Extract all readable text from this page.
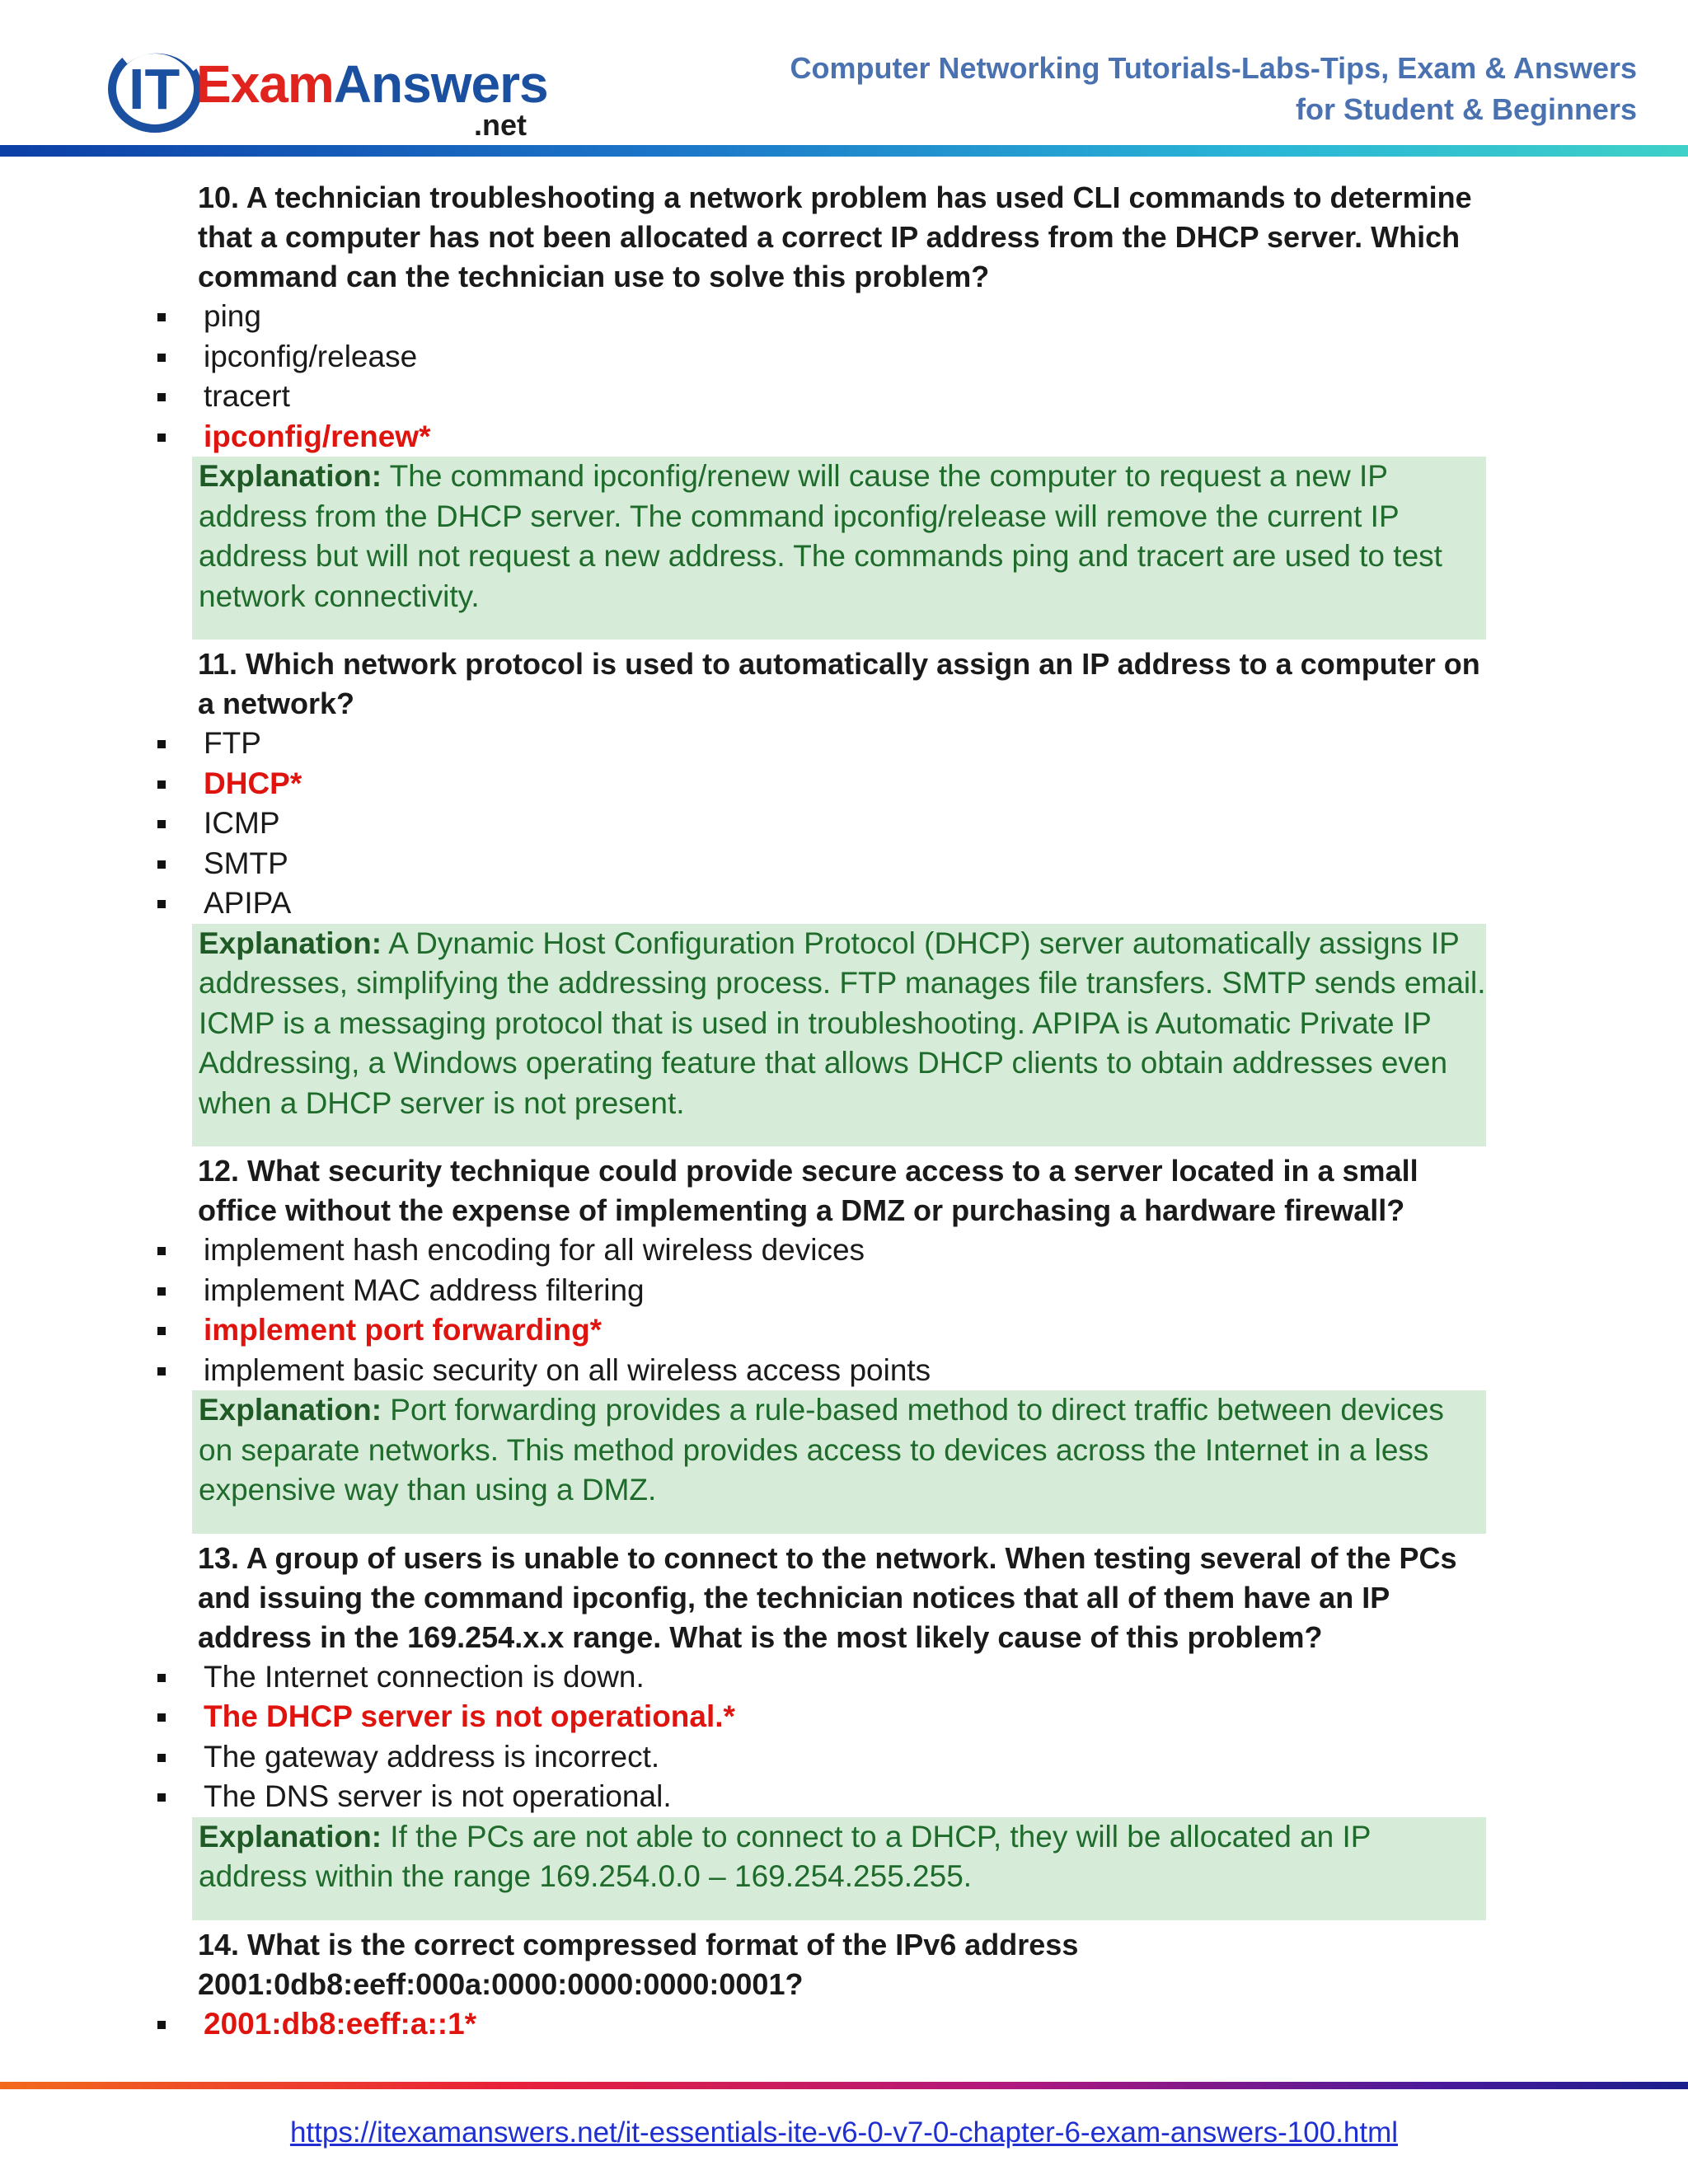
IT ExamAnswers
.net
Computer Networking Tutorials-Labs-Tips, Exam & Answers
for Student & Beginners
10. A technician troubleshooting a network problem has used CLI commands to determine that a computer has not been allocated a correct IP address from the DHCP server. Which command can the technician use to solve this problem?
ping
ipconfig/release
tracert
ipconfig/renew*
Explanation: The command ipconfig/renew will cause the computer to request a new IP address from the DHCP server. The command ipconfig/release will remove the current IP address but will not request a new address. The commands ping and tracert are used to test network connectivity.
11. Which network protocol is used to automatically assign an IP address to a computer on a network?
FTP
DHCP*
ICMP
SMTP
APIPA
Explanation: A Dynamic Host Configuration Protocol (DHCP) server automatically assigns IP addresses, simplifying the addressing process. FTP manages file transfers. SMTP sends email. ICMP is a messaging protocol that is used in troubleshooting. APIPA is Automatic Private IP Addressing, a Windows operating feature that allows DHCP clients to obtain addresses even when a DHCP server is not present.
12. What security technique could provide secure access to a server located in a small office without the expense of implementing a DMZ or purchasing a hardware firewall?
implement hash encoding for all wireless devices
implement MAC address filtering
implement port forwarding*
implement basic security on all wireless access points
Explanation: Port forwarding provides a rule-based method to direct traffic between devices on separate networks. This method provides access to devices across the Internet in a less expensive way than using a DMZ.
13. A group of users is unable to connect to the network. When testing several of the PCs and issuing the command ipconfig, the technician notices that all of them have an IP address in the 169.254.x.x range. What is the most likely cause of this problem?
The Internet connection is down.
The DHCP server is not operational.*
The gateway address is incorrect.
The DNS server is not operational.
Explanation: If the PCs are not able to connect to a DHCP, they will be allocated an IP address within the range 169.254.0.0 – 169.254.255.255.
14. What is the correct compressed format of the IPv6 address 2001:0db8:eeff:000a:0000:0000:0000:0001?
2001:db8:eeff:a::1*
https://itexamanswers.net/it-essentials-ite-v6-0-v7-0-chapter-6-exam-answers-100.html
